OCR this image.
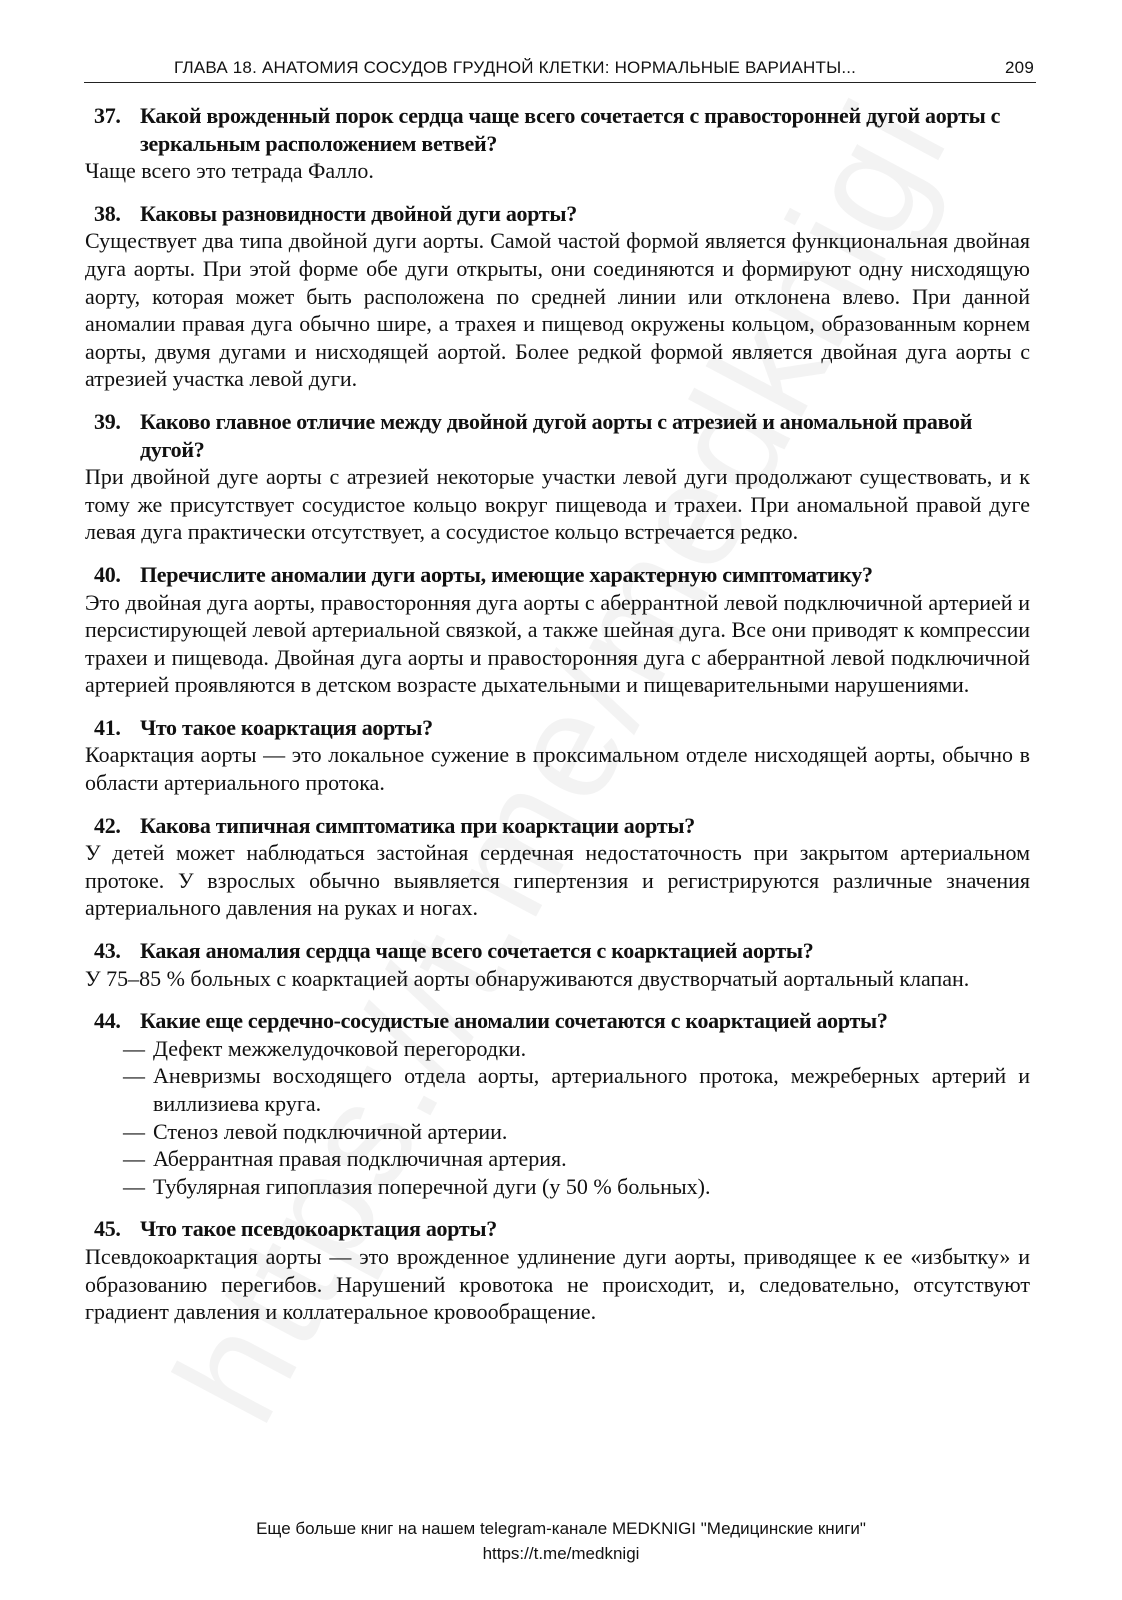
ГЛАВА 18. АНАТОМИЯ СОСУДОВ ГРУДНОЙ КЛЕТКИ: НОРМАЛЬНЫЕ ВАРИАНТЫ...	209
37. Какой врожденный порок сердца чаще всего сочетается с правосторонней дугой аорты с зеркальным расположением ветвей?
Чаще всего это тетрада Фалло.
38. Каковы разновидности двойной дуги аорты?
Существует два типа двойной дуги аорты. Самой частой формой является функциональная двойная дуга аорты. При этой форме обе дуги открыты, они соединяются и формируют одну нисходящую аорту, которая может быть расположена по средней линии или отклонена влево. При данной аномалии правая дуга обычно шире, а трахея и пищевод окружены кольцом, образованным корнем аорты, двумя дугами и нисходящей аортой. Более редкой формой является двойная дуга аорты с атрезией участка левой дуги.
39. Каково главное отличие между двойной дугой аорты с атрезией и аномальной правой дугой?
При двойной дуге аорты с атрезией некоторые участки левой дуги продолжают существовать, и к тому же присутствует сосудистое кольцо вокруг пищевода и трахеи. При аномальной правой дуге левая дуга практически отсутствует, а сосудистое кольцо встречается редко.
40. Перечислите аномалии дуги аорты, имеющие характерную симптоматику?
Это двойная дуга аорты, правосторонняя дуга аорты с аберрантной левой подключичной артерией и персистирующей левой артериальной связкой, а также шейная дуга. Все они приводят к компрессии трахеи и пищевода. Двойная дуга аорты и правосторонняя дуга с аберрантной левой подключичной артерией проявляются в детском возрасте дыхательными и пищеварительными нарушениями.
41. Что такое коарктация аорты?
Коарктация аорты — это локальное сужение в проксимальном отделе нисходящей аорты, обычно в области артериального протока.
42. Какова типичная симптоматика при коарктации аорты?
У детей может наблюдаться застойная сердечная недостаточность при закрытом артериальном протоке. У взрослых обычно выявляется гипертензия и регистрируются различные значения артериального давления на руках и ногах.
43. Какая аномалия сердца чаще всего сочетается с коарктацией аорты?
У 75–85 % больных с коарктацией аорты обнаруживаются двустворчатый аортальный клапан.
44. Какие еще сердечно-сосудистые аномалии сочетаются с коарктацией аорты?
— Дефект межжелудочковой перегородки.
— Аневризмы восходящего отдела аорты, артериального протока, межреберных артерий и виллизиева круга.
— Стеноз левой подключичной артерии.
— Аберрантная правая подключичная артерия.
— Тубулярная гипоплазия поперечной дуги (у 50 % больных).
45. Что такое псевдокоарктация аорты?
Псевдокоарктация аорты — это врожденное удлинение дуги аорты, приводящее к ее «избытку» и образованию перегибов. Нарушений кровотока не происходит, и, следовательно, отсутствуют градиент давления и коллатеральное кровообращение.
Еще больше книг на нашем telegram-канале MEDKNIGI "Медицинские книги"
https://t.me/medknigi
